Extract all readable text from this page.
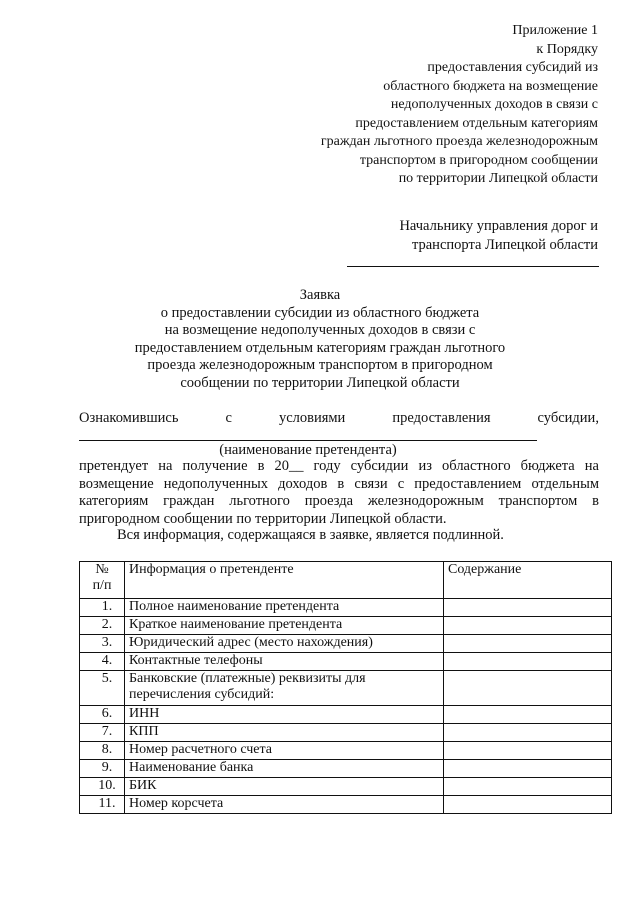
Приложение 1
к Порядку
предоставления субсидий из
областного бюджета на возмещение
недополученных доходов в связи с
предоставлением отдельным категориям
граждан льготного проезда железнодорожным
транспортом в пригородном сообщении
по территории Липецкой области
Начальнику управления дорог и
транспорта Липецкой области
Заявка
о предоставлении субсидии из областного бюджета
на возмещение недополученных доходов в связи с
предоставлением отдельным категориям граждан льготного
проезда железнодорожным транспортом в пригородном
сообщении по территории Липецкой области
Ознакомившись	с	условиями	предоставления	субсидии,
(наименование претендента)
претендует на получение в 20__ году субсидии из областного бюджета на
возмещение недополученных доходов в связи с предоставлением отдельным
категориям граждан льготного проезда железнодорожным транспортом в
пригородном сообщении по территории Липецкой области.
Вся информация, содержащаяся в заявке, является подлинной.
№
п/п	Информация о претенденте	Содержание
1.	Полное наименование претендента	
2.	Краткое наименование претендента	
3.	Юридический адрес (место нахождения)	
4.	Контактные телефоны	
5.	Банковские (платежные) реквизиты для перечисления субсидий:	
6.	ИНН	
7.	КПП	
8.	Номер расчетного счета	
9.	Наименование банка	
10.	БИК	
11.	Номер корсчета	
